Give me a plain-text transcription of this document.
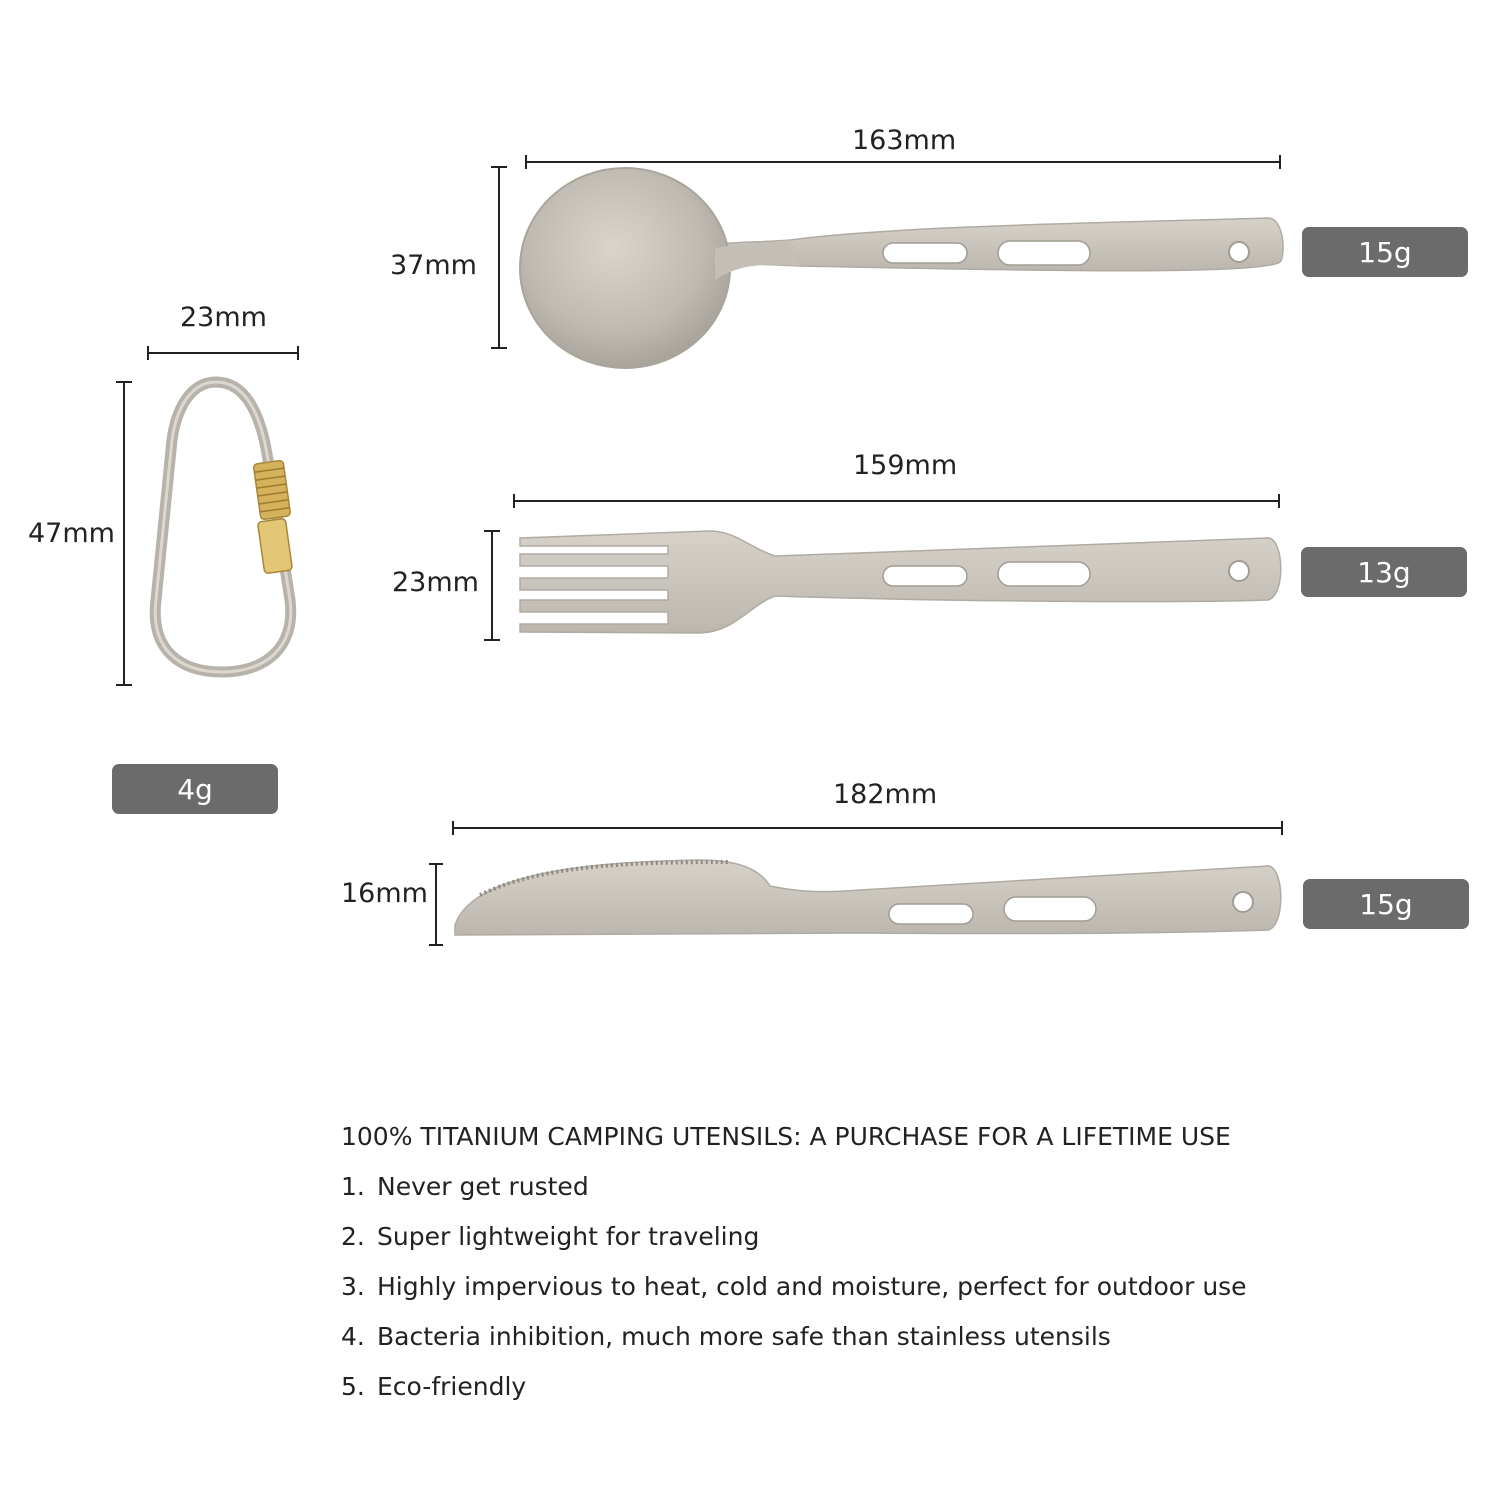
163mm
37mm
159mm
23mm
182mm
16mm
23mm
47mm
15g
13g
15g
4g

100% TITANIUM CAMPING UTENSILS: A PURCHASE FOR A LIFETIME USE

1. Never get rusted
2. Super lightweight for traveling
3. Highly impervious to heat, cold and moisture, perfect for outdoor use
4. Bacteria inhibition, much more safe than stainless utensils
5. Eco-friendly
